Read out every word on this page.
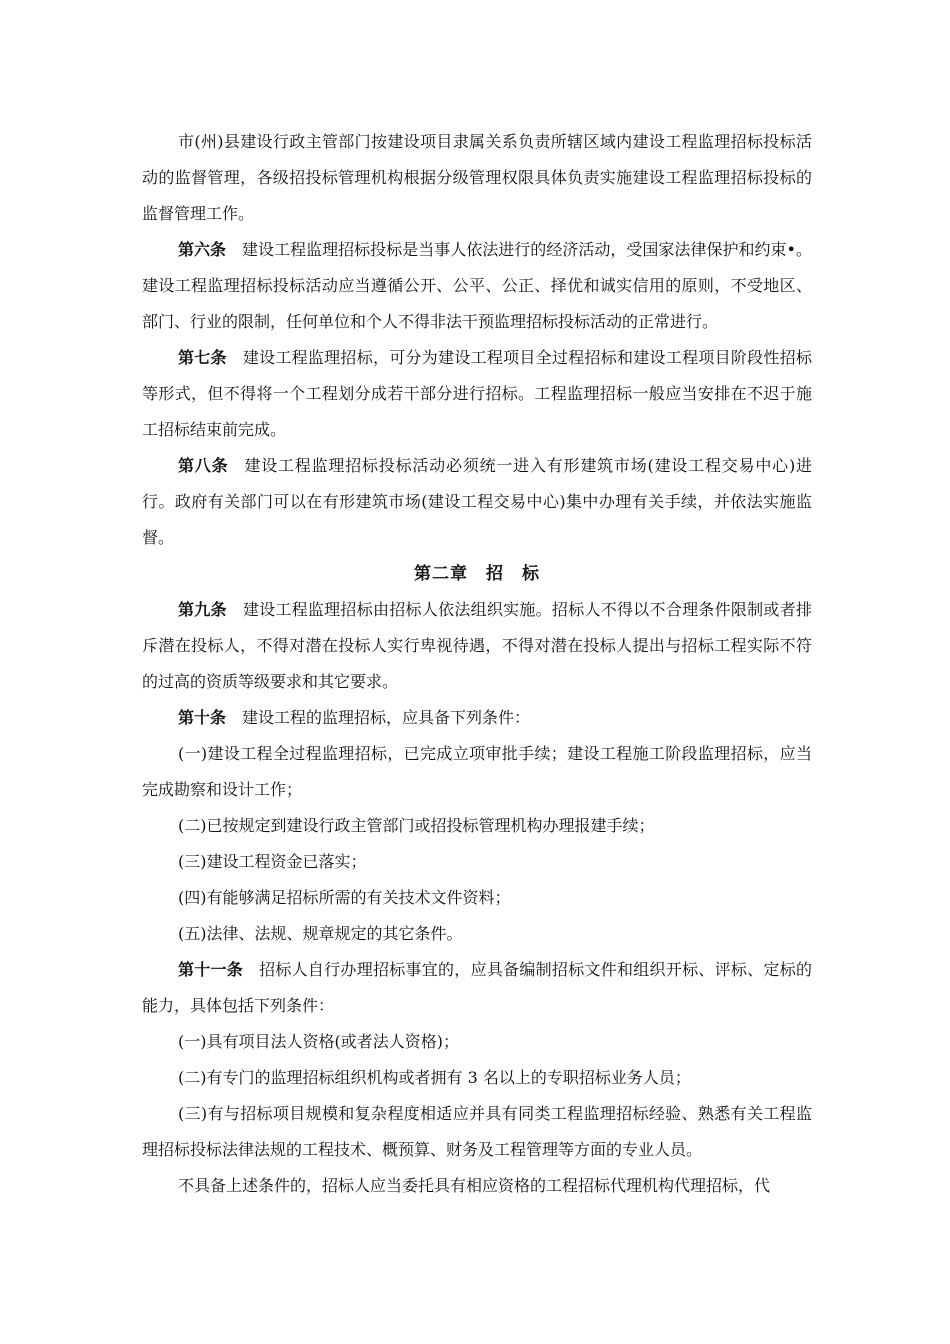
市(州)县建设行政主管部门按建设项目隶属关系负责所辖区域内建设工程监理招标投标活动的监督管理，各级招投标管理机构根据分级管理权限具体负责实施建设工程监理招标投标的监督管理工作。

第六条 建设工程监理招标投标是当事人依法进行的经济活动，受国家法律保护和约束•。建设工程监理招标投标活动应当遵循公开、公平、公正、择优和诚实信用的原则，不受地区、部门、行业的限制，任何单位和个人不得非法干预监理招标投标活动的正常进行。

第七条 建设工程监理招标，可分为建设工程项目全过程招标和建设工程项目阶段性招标等形式，但不得将一个工程划分成若干部分进行招标。工程监理招标一般应当安排在不迟于施工招标结束前完成。

第八条 建设工程监理招标投标活动必须统一进入有形建筑市场(建设工程交易中心)进行。政府有关部门可以在有形建筑市场(建设工程交易中心)集中办理有关手续，并依法实施监督。

第二章　招　标

第九条 建设工程监理招标由招标人依法组织实施。招标人不得以不合理条件限制或者排斥潜在投标人，不得对潜在投标人实行卑视待遇，不得对潜在投标人提出与招标工程实际不符的过高的资质等级要求和其它要求。

第十条 建设工程的监理招标，应具备下列条件：

(一)建设工程全过程监理招标，已完成立项审批手续；建设工程施工阶段监理招标，应当完成勘察和设计工作；

(二)已按规定到建设行政主管部门或招投标管理机构办理报建手续；

(三)建设工程资金已落实；

(四)有能够满足招标所需的有关技术文件资料；

(五)法律、法规、规章规定的其它条件。

第十一条 招标人自行办理招标事宜的，应具备编制招标文件和组织开标、评标、定标的能力，具体包括下列条件：

(一)具有项目法人资格(或者法人资格)；

(二)有专门的监理招标组织机构或者拥有 3 名以上的专职招标业务人员；

(三)有与招标项目规模和复杂程度相适应并具有同类工程监理招标经验、熟悉有关工程监理招标投标法律法规的工程技术、概预算、财务及工程管理等方面的专业人员。

不具备上述条件的，招标人应当委托具有相应资格的工程招标代理机构代理招标，代
